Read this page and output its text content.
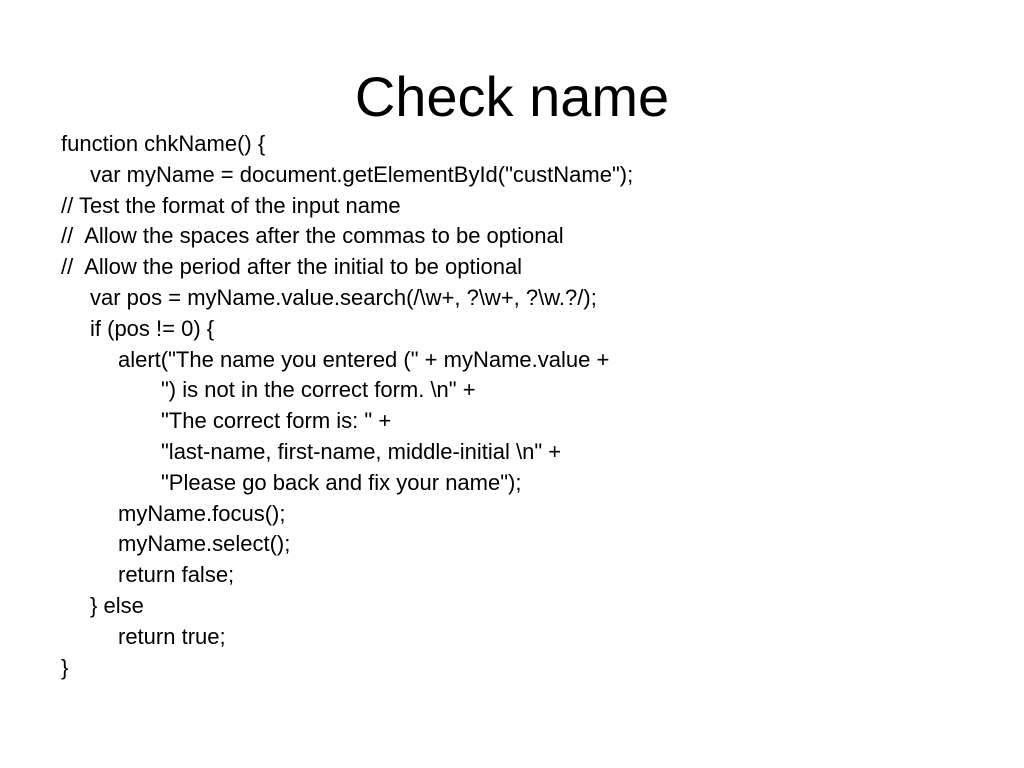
Check name
function chkName() {
var myName = document.getElementById("custName");
// Test the format of the input name
//  Allow the spaces after the commas to be optional
//  Allow the period after the initial to be optional
var pos = myName.value.search(/\w+, ?\w+, ?\w.?/);
if (pos != 0) {
alert("The name you entered (" + myName.value +
") is not in the correct form. \n" +
"The correct form is: " +
"last-name, first-name, middle-initial \n" +
"Please go back and fix your name");
myName.focus();
myName.select();
return false;
} else
return true;
}
